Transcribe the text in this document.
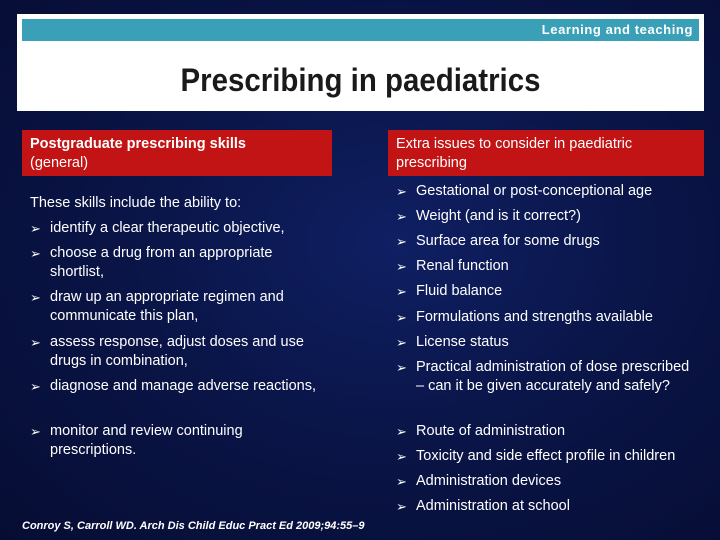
Learning and teaching
Prescribing in paediatrics
Postgraduate prescribing skills
(general)
These skills include the ability to:
➢ identify a clear therapeutic objective,
➢ choose a drug from an appropriate shortlist,
➢ draw up an appropriate regimen and communicate this plan,
➢ assess response, adjust doses and use drugs in combination,
➢ diagnose and manage adverse reactions,
➢ monitor and review continuing prescriptions.
Extra issues to consider in paediatric
prescribing
➢ Gestational or post-conceptional age
➢ Weight (and is it correct?)
➢ Surface area for some drugs
➢ Renal function
➢ Fluid balance
➢ Formulations and strengths available
➢ License status
➢ Practical administration of dose prescribed – can it be given accurately and safely?
➢ Route of administration
➢ Toxicity and side effect profile in children
➢ Administration devices
➢ Administration at school
Conroy S, Carroll WD. Arch Dis Child Educ Pract Ed 2009;94:55–9
